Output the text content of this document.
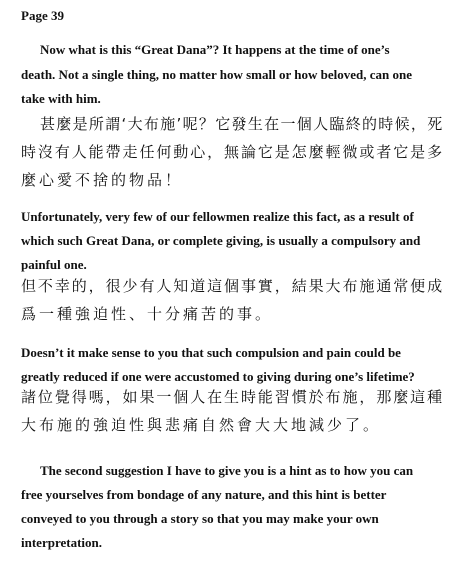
Page 39
Now what is this “Great Dana”? It happens at the time of one’s
death. Not a single thing, no matter how small or how beloved, can one
take with him.
甚麼是所謂‘大布施’呢？它發生在一個人臨終的時候，死
時沒有人能帶走任何動心，無論它是怎麼輕微或者它是多
麼心愛不捨的物品！
Unfortunately, very few of our fellowmen realize this fact, as a result of
which such Great Dana, or complete giving, is usually a compulsory and
painful one.
但不幸的，很少有人知道這個事實，結果大布施通常便成
爲一種強迫性、十分痛苦的事。
Doesn’t it make sense to you that such compulsion and pain could be
greatly reduced if one were accustomed to giving during one’s lifetime?
諸位覺得嗎，如果一個人在生時能習慣於布施，那麼這種
大布施的強迫性與悲痛自然會大大地減少了。
The second suggestion I have to give you is a hint as to how you can
free yourselves from bondage of any nature, and this hint is better
conveyed to you through a story so that you may make your own
interpretation.
